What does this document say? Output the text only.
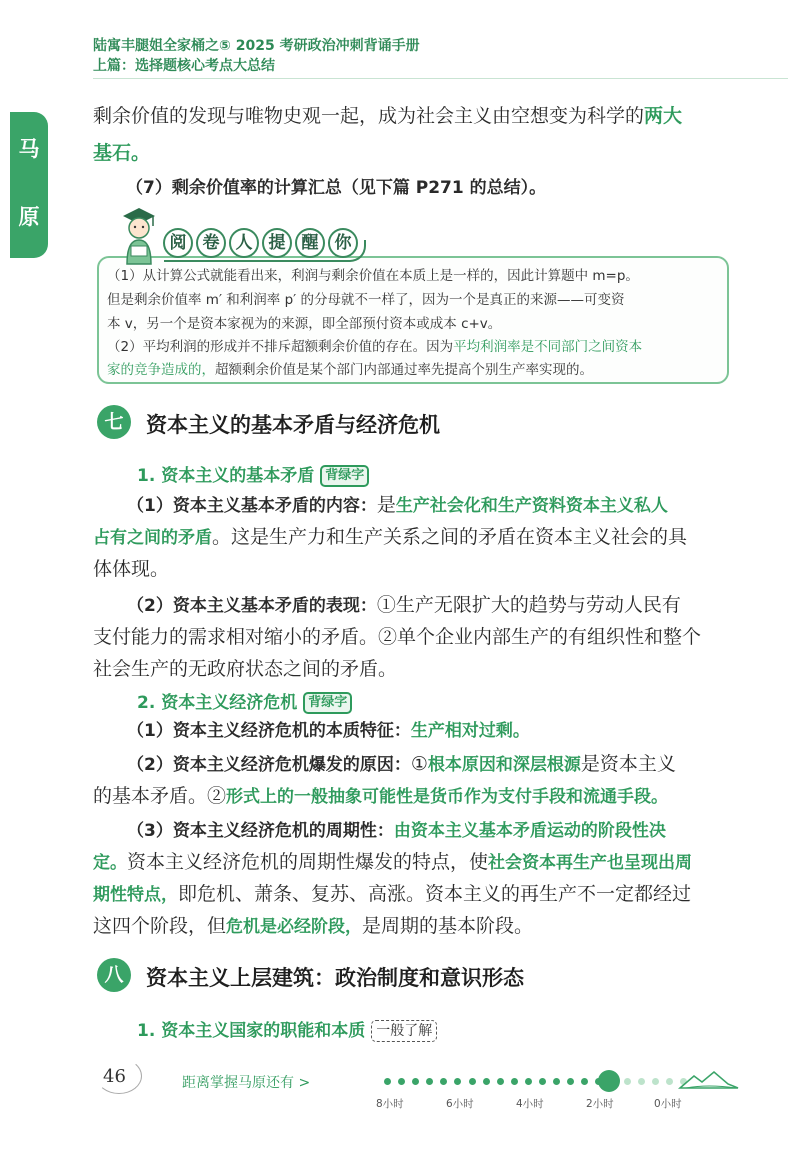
陆寓丰腿姐全家桶之⑤ 2025 考研政治冲刺背诵手册
上篇：选择题核心考点大总结
马
原
剩余价值的发现与唯物史观一起，成为社会主义由空想变为科学的两大
基石。
（7）剩余价值率的计算汇总（见下篇 P271 的总结）。
阅 卷 人 提 醒 你
（1）从计算公式就能看出来，利润与剩余价值在本质上是一样的，因此计算题中 m=p。
但是剩余价值率 m′ 和利润率 p′ 的分母就不一样了，因为一个是真正的来源——可变资
本 v，另一个是资本家视为的来源，即全部预付资本或成本 c+v。
（2）平均利润的形成并不排斥超额剩余价值的存在。因为平均利润率是不同部门之间资本
家的竞争造成的，超额剩余价值是某个部门内部通过率先提高个别生产率实现的。
七	资本主义的基本矛盾与经济危机
1. 资本主义的基本矛盾 背绿字
（1）资本主义基本矛盾的内容：是生产社会化和生产资料资本主义私人
占有之间的矛盾。这是生产力和生产关系之间的矛盾在资本主义社会的具
体体现。
（2）资本主义基本矛盾的表现：①生产无限扩大的趋势与劳动人民有
支付能力的需求相对缩小的矛盾。②单个企业内部生产的有组织性和整个
社会生产的无政府状态之间的矛盾。
2. 资本主义经济危机 背绿字
（1）资本主义经济危机的本质特征：生产相对过剩。
（2）资本主义经济危机爆发的原因：①根本原因和深层根源是资本主义
的基本矛盾。②形式上的一般抽象可能性是货币作为支付手段和流通手段。
（3）资本主义经济危机的周期性：由资本主义基本矛盾运动的阶段性决
定。资本主义经济危机的周期性爆发的特点，使社会资本再生产也呈现出周
期性特点，即危机、萧条、复苏、高涨。资本主义的再生产不一定都经过
这四个阶段，但危机是必经阶段，是周期的基本阶段。
八	资本主义上层建筑：政治制度和意识形态
1. 资本主义国家的职能和本质 一般了解
46	距离掌握马原还有 >
8小时	6小时	4小时	2小时	0小时
